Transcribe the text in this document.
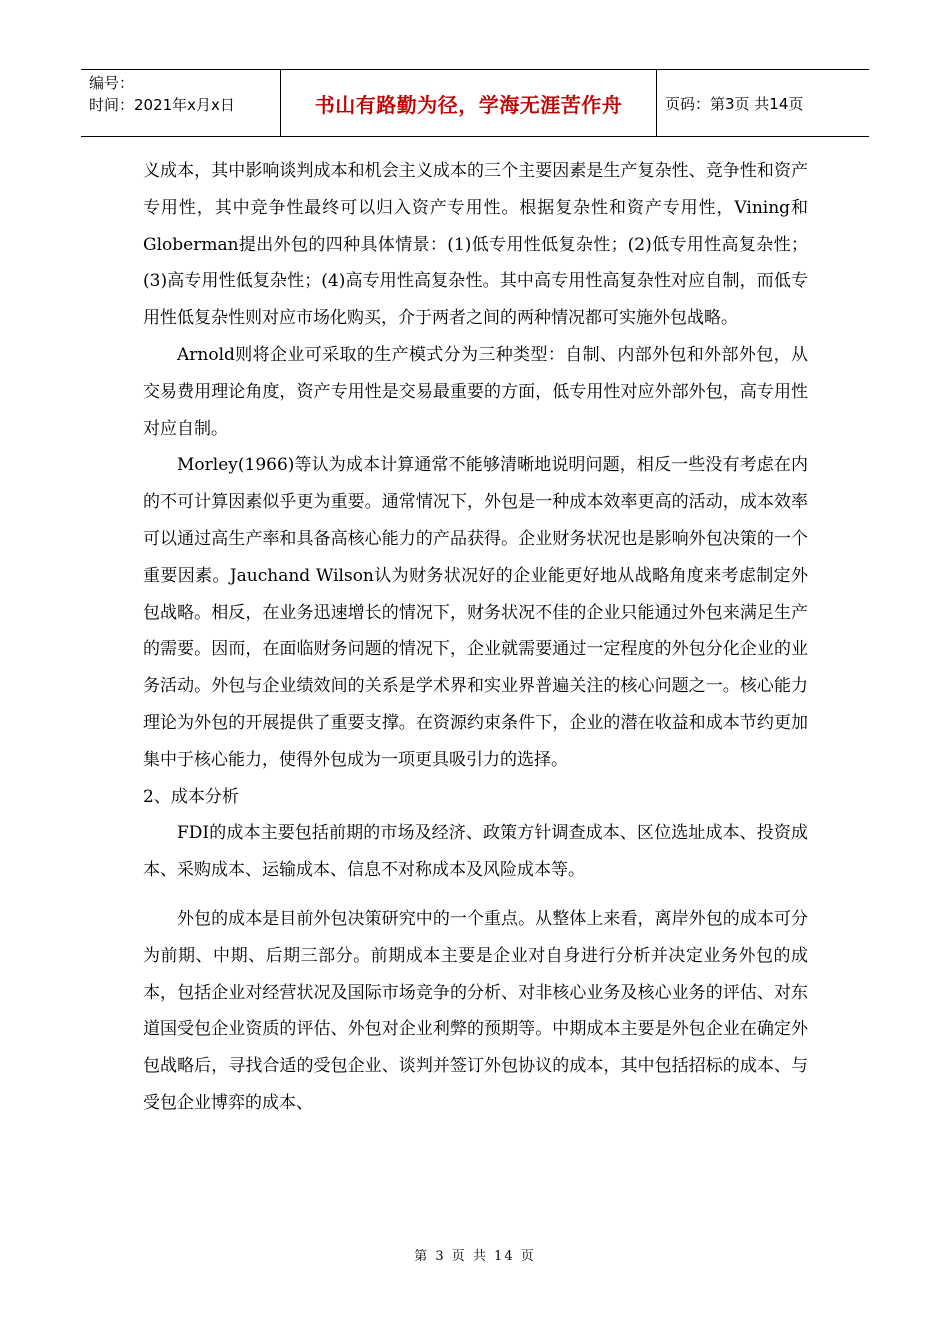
编号：
时间：2021年x月x日	书山有路勤为径，学海无涯苦作舟	页码：第3页 共14页

义成本，其中影响谈判成本和机会主义成本的三个主要因素是生产复杂性、竞争性和资产专用性，其中竞争性最终可以归入资产专用性。根据复杂性和资产专用性，Vining和Globerman提出外包的四种具体情景：(1)低专用性低复杂性；(2)低专用性高复杂性；(3)高专用性低复杂性；(4)高专用性高复杂性。其中高专用性高复杂性对应自制，而低专用性低复杂性则对应市场化购买，介于两者之间的两种情况都可实施外包战略。

Arnold则将企业可采取的生产模式分为三种类型：自制、内部外包和外部外包，从交易费用理论角度，资产专用性是交易最重要的方面，低专用性对应外部外包，高专用性对应自制。

Morley(1966)等认为成本计算通常不能够清晰地说明问题，相反一些没有考虑在内的不可计算因素似乎更为重要。通常情况下，外包是一种成本效率更高的活动，成本效率可以通过高生产率和具备高核心能力的产品获得。企业财务状况也是影响外包决策的一个重要因素。Jauchand Wilson认为财务状况好的企业能更好地从战略角度来考虑制定外包战略。相反，在业务迅速增长的情况下，财务状况不佳的企业只能通过外包来满足生产的需要。因而，在面临财务问题的情况下，企业就需要通过一定程度的外包分化企业的业务活动。外包与企业绩效间的关系是学术界和实业界普遍关注的核心问题之一。核心能力理论为外包的开展提供了重要支撑。在资源约束条件下，企业的潜在收益和成本节约更加集中于核心能力，使得外包成为一项更具吸引力的选择。

2、成本分析

FDI的成本主要包括前期的市场及经济、政策方针调查成本、区位选址成本、投资成本、采购成本、运输成本、信息不对称成本及风险成本等。

外包的成本是目前外包决策研究中的一个重点。从整体上来看，离岸外包的成本可分为前期、中期、后期三部分。前期成本主要是企业对自身进行分析并决定业务外包的成本，包括企业对经营状况及国际市场竞争的分析、对非核心业务及核心业务的评估、对东道国受包企业资质的评估、外包对企业利弊的预期等。中期成本主要是外包企业在确定外包战略后，寻找合适的受包企业、谈判并签订外包协议的成本，其中包括招标的成本、与受包企业博弈的成本、

第 3 页 共 14 页
